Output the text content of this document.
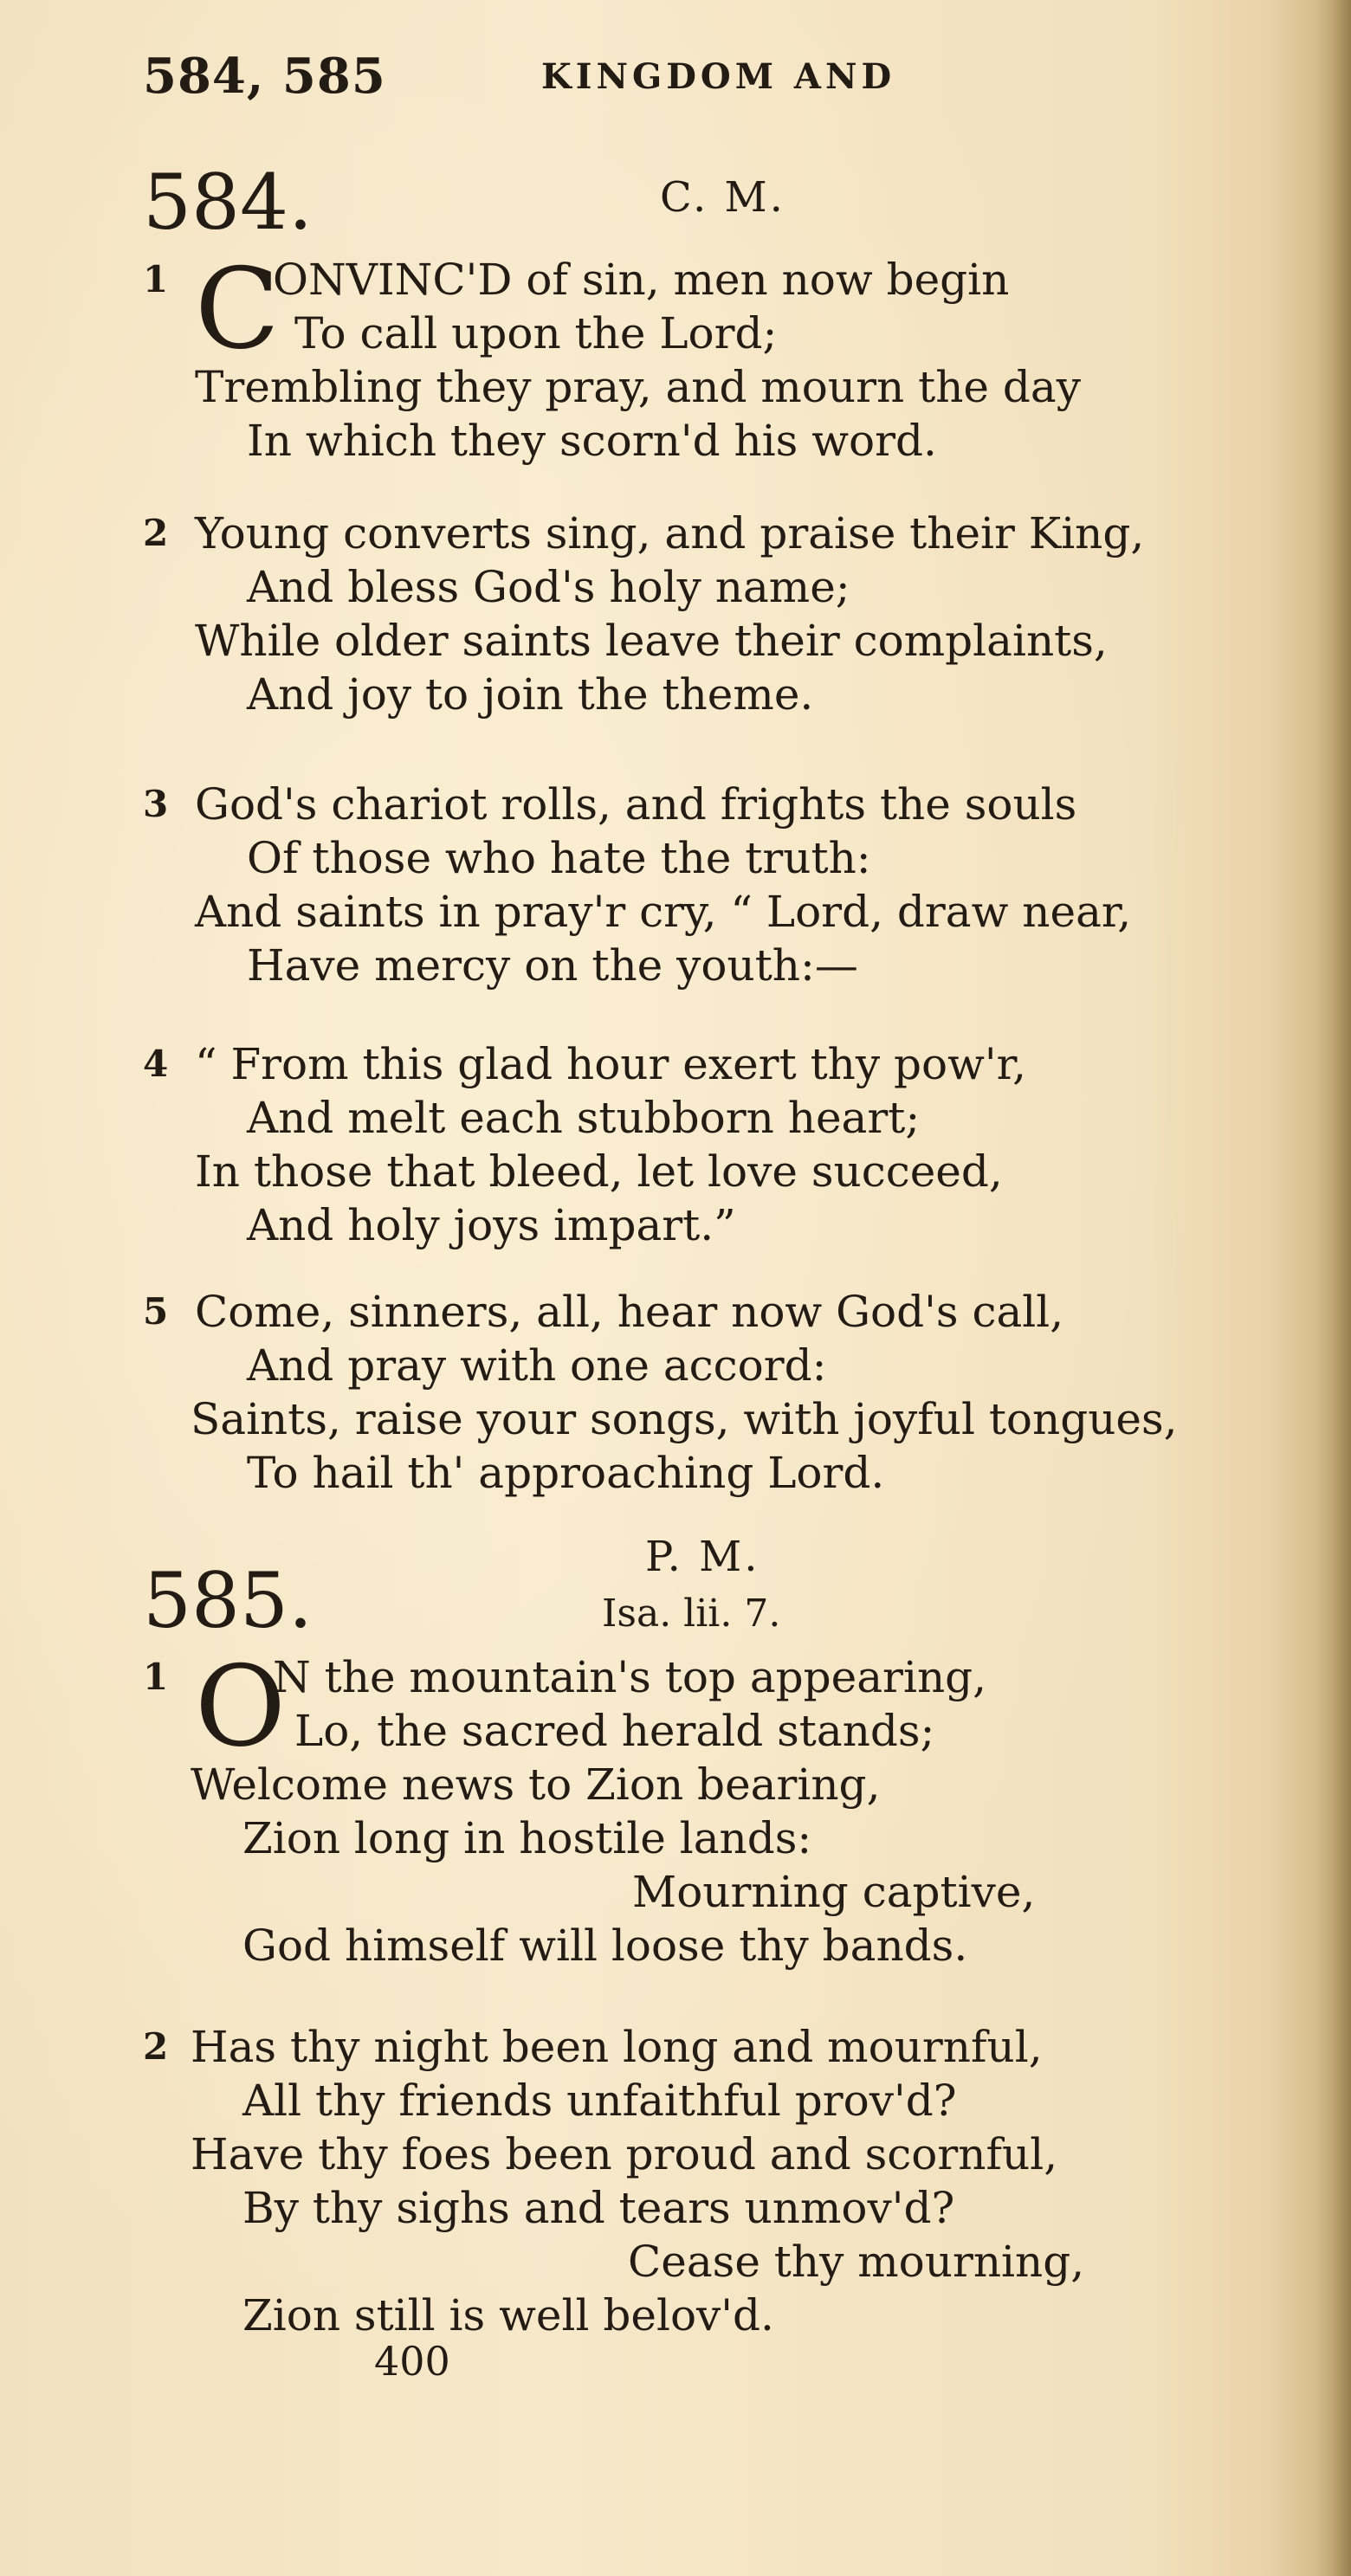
584, 585	KINGDOM AND
584.	C. M.
1 C
ONVINC'D of sin, men now begin
To call upon the Lord;
Trembling they pray, and mourn the day
In which they scorn'd his word.
2 Young converts sing, and praise their King,
And bless God's holy name;
While older saints leave their complaints,
And joy to join the theme.
3 God's chariot rolls, and frights the souls
Of those who hate the truth:
And saints in pray'r cry, “ Lord, draw near,
Have mercy on the youth:—
4 “ From this glad hour exert thy pow'r,
And melt each stubborn heart;
In those that bleed, let love succeed,
And holy joys impart.”
5 Come, sinners, all, hear now God's call,
And pray with one accord:
Saints, raise your songs, with joyful tongues,
To hail th' approaching Lord.
585.	P. M.
Isa. lii. 7.
1 O
N the mountain's top appearing,
Lo, the sacred herald stands;
Welcome news to Zion bearing,
Zion long in hostile lands:
Mourning captive,
God himself will loose thy bands.
2 Has thy night been long and mournful,
All thy friends unfaithful prov'd?
Have thy foes been proud and scornful,
By thy sighs and tears unmov'd?
Cease thy mourning,
Zion still is well belov'd.
400
